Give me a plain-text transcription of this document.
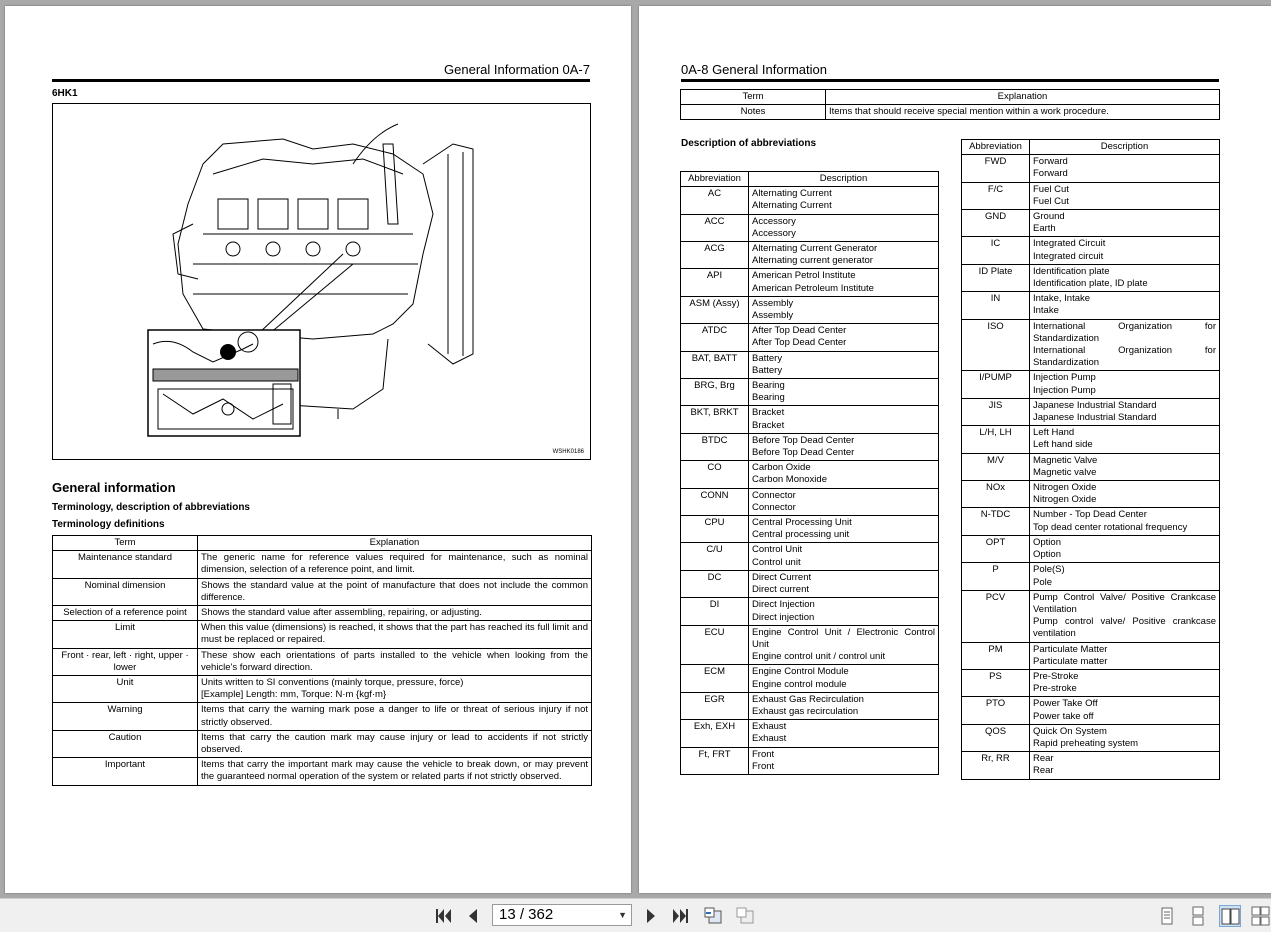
General Information 0A-7
6HK1
WSHK0186
General information
Terminology, description of abbreviations
Terminology definitions
Term	Explanation
Maintenance standard	The generic name for reference values required for maintenance, such as nominal dimension, selection of a reference point, and limit.

Nominal dimension	Shows the standard value at the point of manufacture that does not include the common difference.

Selection of a reference point	Shows the standard value after assembling, repairing, or adjusting.

Limit	When this value (dimensions) is reached, it shows that the part has reached its full limit and must be replaced or repaired.

Front · rear, left · right, upper · lower	These show each orientations of parts installed to the vehicle when looking from the vehicle's forward direction.

Unit	Units written to SI conventions (mainly torque, pressure, force)
[Example] Length: mm, Torque: N·m {kgf·m}

Warning	Items that carry the warning mark pose a danger to life or threat of serious injury if not strictly observed.

Caution	Items that carry the caution mark may cause injury or lead to accidents if not strictly observed.

Important	Items that carry the important mark may cause the vehicle to break down, or may prevent the guaranteed normal operation of the system or related parts if not strictly observed.
0A-8 General Information
Term	Explanation
Notes	Items that should receive special mention within a work procedure.
Description of abbreviations
Abbreviation	Description
AC	Alternating Current
Alternating Current

ACC	Accessory
Accessory

ACG	Alternating Current Generator
Alternating current generator

API	American Petrol Institute
American Petroleum Institute

ASM (Assy)	Assembly
Assembly

ATDC	After Top Dead Center
After Top Dead Center

BAT, BATT	Battery
Battery

BRG, Brg	Bearing
Bearing

BKT, BRKT	Bracket
Bracket

BTDC	Before Top Dead Center
Before Top Dead Center

CO	Carbon Oxide
Carbon Monoxide

CONN	Connector
Connector

CPU	Central Processing Unit
Central processing unit

C/U	Control Unit
Control unit

DC	Direct Current
Direct current

DI	Direct Injection
Direct injection

ECU	Engine Control Unit / Electronic Control Unit
Engine control unit / control unit

ECM	Engine Control Module
Engine control module

EGR	Exhaust Gas Recirculation
Exhaust gas recirculation

Exh, EXH	Exhaust
Exhaust

Ft, FRT	Front
Front
Abbreviation	Description
FWD	Forward
Forward

F/C	Fuel Cut
Fuel Cut

GND	Ground
Earth

IC	Integrated Circuit
Integrated circuit

ID Plate	Identification plate
Identification plate, ID plate

IN	Intake, Intake
Intake

ISO	International Organization for Standardization
International Organization for Standardization

I/PUMP	Injection Pump
Injection Pump

JIS	Japanese Industrial Standard
Japanese Industrial Standard

L/H, LH	Left Hand
Left hand side

M/V	Magnetic Valve
Magnetic valve

NOx	Nitrogen Oxide
Nitrogen Oxide

N-TDC	Number - Top Dead Center
Top dead center rotational frequency

OPT	Option
Option

P	Pole(S)
Pole

PCV	Pump Control Valve/ Positive Crankcase Ventilation
Pump control valve/ Positive crankcase ventilation

PM	Particulate Matter
Particulate matter

PS	Pre-Stroke
Pre-stroke

PTO	Power Take Off
Power take off

QOS	Quick On System
Rapid preheating system

Rr, RR	Rear
Rear
13 / 362	▼
